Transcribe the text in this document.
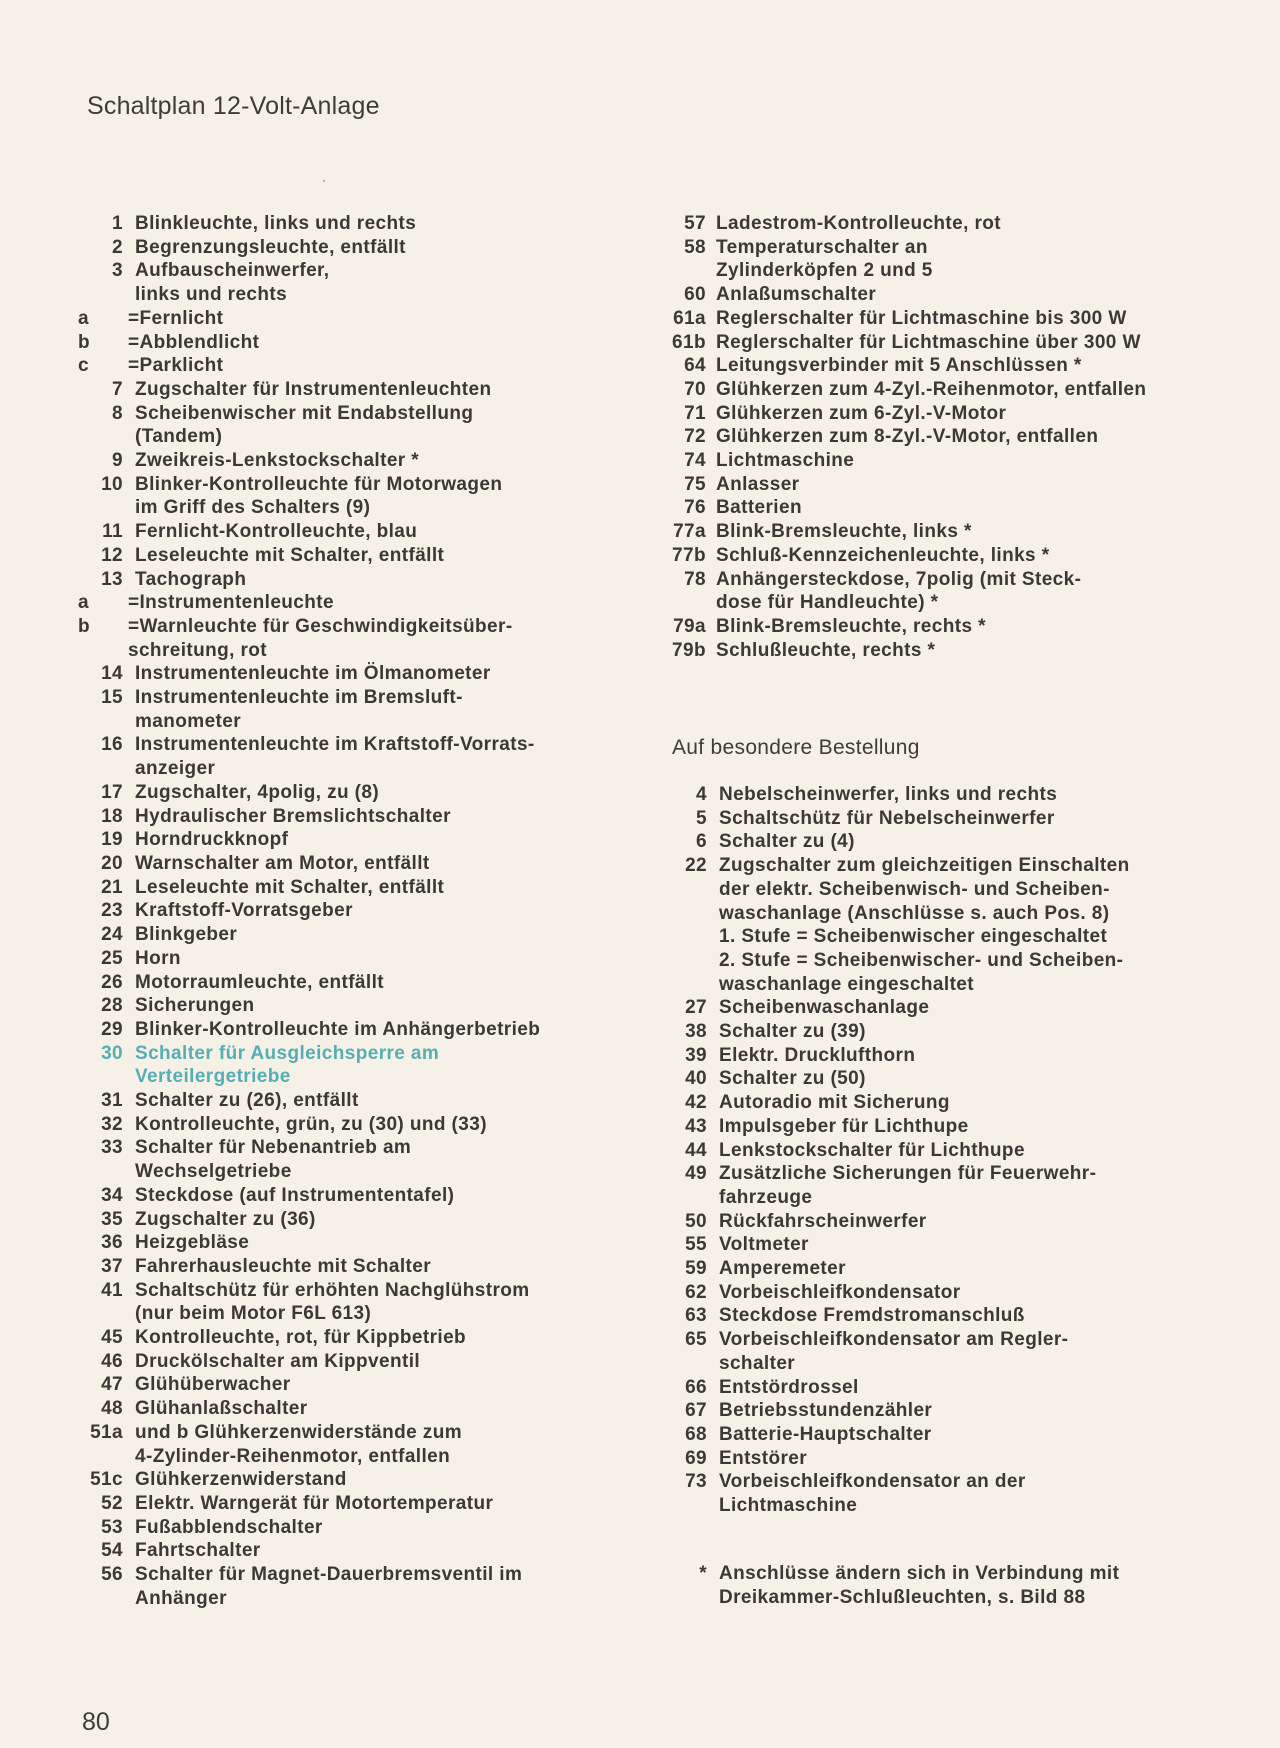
Schaltplan 12-Volt-Anlage
1 Blinkleuchte, links und rechts
2 Begrenzungsleuchte, entfällt
3 Aufbauscheinwerfer,
links und rechts
a	=Fernlicht
b	=Abblendlicht
c	=Parklicht
7 Zugschalter für Instrumentenleuchten
8 Scheibenwischer mit Endabstellung
(Tandem)
9 Zweikreis-Lenkstockschalter *
10 Blinker-Kontrolleuchte für Motorwagen
im Griff des Schalters (9)
11 Fernlicht-Kontrolleuchte, blau
12 Leseleuchte mit Schalter, entfällt
13 Tachograph
a	=Instrumentenleuchte
b	=Warnleuchte für Geschwindigkeitsüber-
schreitung, rot
14 Instrumentenleuchte im Ölmanometer
15 Instrumentenleuchte im Bremsluft-
manometer
16 Instrumentenleuchte im Kraftstoff-Vorrats-
anzeiger
17 Zugschalter, 4polig, zu (8)
18 Hydraulischer Bremslichtschalter
19 Horndruckknopf
20 Warnschalter am Motor, entfällt
21 Leseleuchte mit Schalter, entfällt
23 Kraftstoff-Vorratsgeber
24 Blinkgeber
25 Horn
26 Motorraumleuchte, entfällt
28 Sicherungen
29 Blinker-Kontrolleuchte im Anhängerbetrieb
30 Schalter für Ausgleichsperre am
Verteilergetriebe
31 Schalter zu (26), entfällt
32 Kontrolleuchte, grün, zu (30) und (33)
33 Schalter für Nebenantrieb am
Wechselgetriebe
34 Steckdose (auf Instrumententafel)
35 Zugschalter zu (36)
36 Heizgebläse
37 Fahrerhausleuchte mit Schalter
41 Schaltschütz für erhöhten Nachglühstrom
(nur beim Motor F6L 613)
45 Kontrolleuchte, rot, für Kippbetrieb
46 Druckölschalter am Kippventil
47 Glühüberwacher
48 Glühanlaßschalter
51a und b Glühkerzenwiderstände zum
4-Zylinder-Reihenmotor, entfallen
51c Glühkerzenwiderstand
52 Elektr. Warngerät für Motortemperatur
53 Fußabblendschalter
54 Fahrtschalter
56 Schalter für Magnet-Dauerbremsventil im
Anhänger
57 Ladestrom-Kontrolleuchte, rot
58 Temperaturschalter an
Zylinderköpfen 2 und 5
60 Anlaßumschalter
61a Reglerschalter für Lichtmaschine bis 300 W
61b Reglerschalter für Lichtmaschine über 300 W
64 Leitungsverbinder mit 5 Anschlüssen *
70 Glühkerzen zum 4-Zyl.-Reihenmotor, entfallen
71 Glühkerzen zum 6-Zyl.-V-Motor
72 Glühkerzen zum 8-Zyl.-V-Motor, entfallen
74 Lichtmaschine
75 Anlasser
76 Batterien
77a Blink-Bremsleuchte, links *
77b Schluß-Kennzeichenleuchte, links *
78 Anhängersteckdose, 7polig (mit Steck-
dose für Handleuchte) *
79a Blink-Bremsleuchte, rechts *
79b Schlußleuchte, rechts *
Auf besondere Bestellung
4 Nebelscheinwerfer, links und rechts
5 Schaltschütz für Nebelscheinwerfer
6 Schalter zu (4)
22 Zugschalter zum gleichzeitigen Einschalten
der elektr. Scheibenwisch- und Scheiben-
waschanlage (Anschlüsse s. auch Pos. 8)
1. Stufe = Scheibenwischer eingeschaltet
2. Stufe = Scheibenwischer- und Scheiben-
waschanlage eingeschaltet
27 Scheibenwaschanlage
38 Schalter zu (39)
39 Elektr. Drucklufthorn
40 Schalter zu (50)
42 Autoradio mit Sicherung
43 Impulsgeber für Lichthupe
44 Lenkstockschalter für Lichthupe
49 Zusätzliche Sicherungen für Feuerwehr-
fahrzeuge
50 Rückfahrscheinwerfer
55 Voltmeter
59 Amperemeter
62 Vorbeischleifkondensator
63 Steckdose Fremdstromanschluß
65 Vorbeischleifkondensator am Regler-
schalter
66 Entstördrossel
67 Betriebsstundenzähler
68 Batterie-Hauptschalter
69 Entstörer
73 Vorbeischleifkondensator an der
Lichtmaschine
* Anschlüsse ändern sich in Verbindung mit
Dreikammer-Schlußleuchten, s. Bild 88
80
